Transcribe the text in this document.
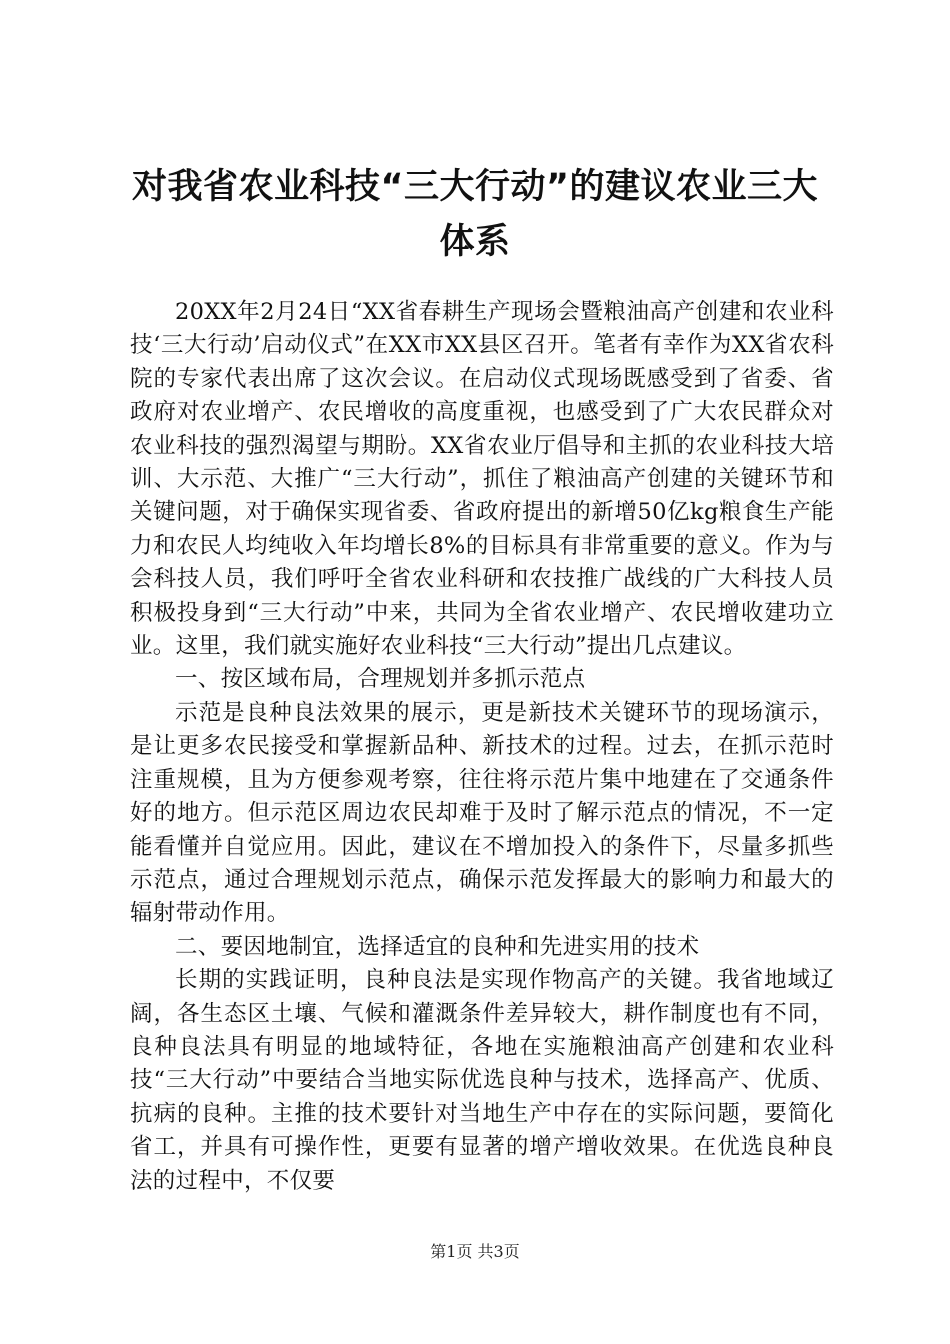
对我省农业科技“三大行动”的建议农业三大体系

20XX年2月24日“XX省春耕生产现场会暨粮油高产创建和农业科技‘三大行动’启动仪式”在XX市XX县区召开。笔者有幸作为XX省农科院的专家代表出席了这次会议。在启动仪式现场既感受到了省委、省政府对农业增产、农民增收的高度重视，也感受到了广大农民群众对农业科技的强烈渴望与期盼。XX省农业厅倡导和主抓的农业科技大培训、大示范、大推广“三大行动”，抓住了粮油高产创建的关键环节和关键问题，对于确保实现省委、省政府提出的新增50亿kg粮食生产能力和农民人均纯收入年均增长8%的目标具有非常重要的意义。作为与会科技人员，我们呼吁全省农业科研和农技推广战线的广大科技人员积极投身到“三大行动”中来，共同为全省农业增产、农民增收建功立业。这里，我们就实施好农业科技“三大行动”提出几点建议。

一、按区域布局，合理规划并多抓示范点

示范是良种良法效果的展示，更是新技术关键环节的现场演示，是让更多农民接受和掌握新品种、新技术的过程。过去，在抓示范时注重规模，且为方便参观考察，往往将示范片集中地建在了交通条件好的地方。但示范区周边农民却难于及时了解示范点的情况，不一定能看懂并自觉应用。因此，建议在不增加投入的条件下，尽量多抓些示范点，通过合理规划示范点，确保示范发挥最大的影响力和最大的辐射带动作用。

二、要因地制宜，选择适宜的良种和先进实用的技术

长期的实践证明，良种良法是实现作物高产的关键。我省地域辽阔，各生态区土壤、气候和灌溉条件差异较大，耕作制度也有不同，良种良法具有明显的地域特征，各地在实施粮油高产创建和农业科技“三大行动”中要结合当地实际优选良种与技术，选择高产、优质、抗病的良种。主推的技术要针对当地生产中存在的实际问题，要简化省工，并具有可操作性，更要有显著的增产增收效果。在优选良种良法的过程中，不仅要

第1页 共3页
